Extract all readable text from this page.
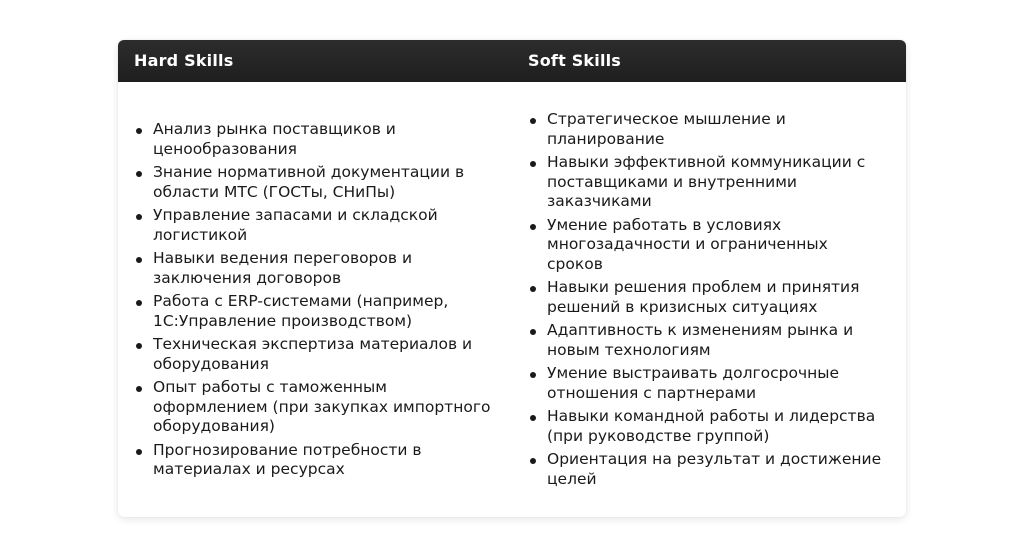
Hard Skills	Soft Skills
Анализ рынка поставщиков и ценообразования
Знание нормативной документации в области МТС (ГОСТы, СНиПы)
Управление запасами и складской логистикой
Навыки ведения переговоров и заключения договоров
Работа с ERP-системами (например, 1С:Управление производством)
Техническая экспертиза материалов и оборудования
Опыт работы с таможенным оформлением (при закупках импортного оборудования)
Прогнозирование потребности в материалах и ресурсах
Стратегическое мышление и планирование
Навыки эффективной коммуникации с поставщиками и внутренними заказчиками
Умение работать в условиях многозадачности и ограниченных сроков
Навыки решения проблем и принятия решений в кризисных ситуациях
Адаптивность к изменениям рынка и новым технологиям
Умение выстраивать долгосрочные отношения с партнерами
Навыки командной работы и лидерства (при руководстве группой)
Ориентация на результат и достижение целей
